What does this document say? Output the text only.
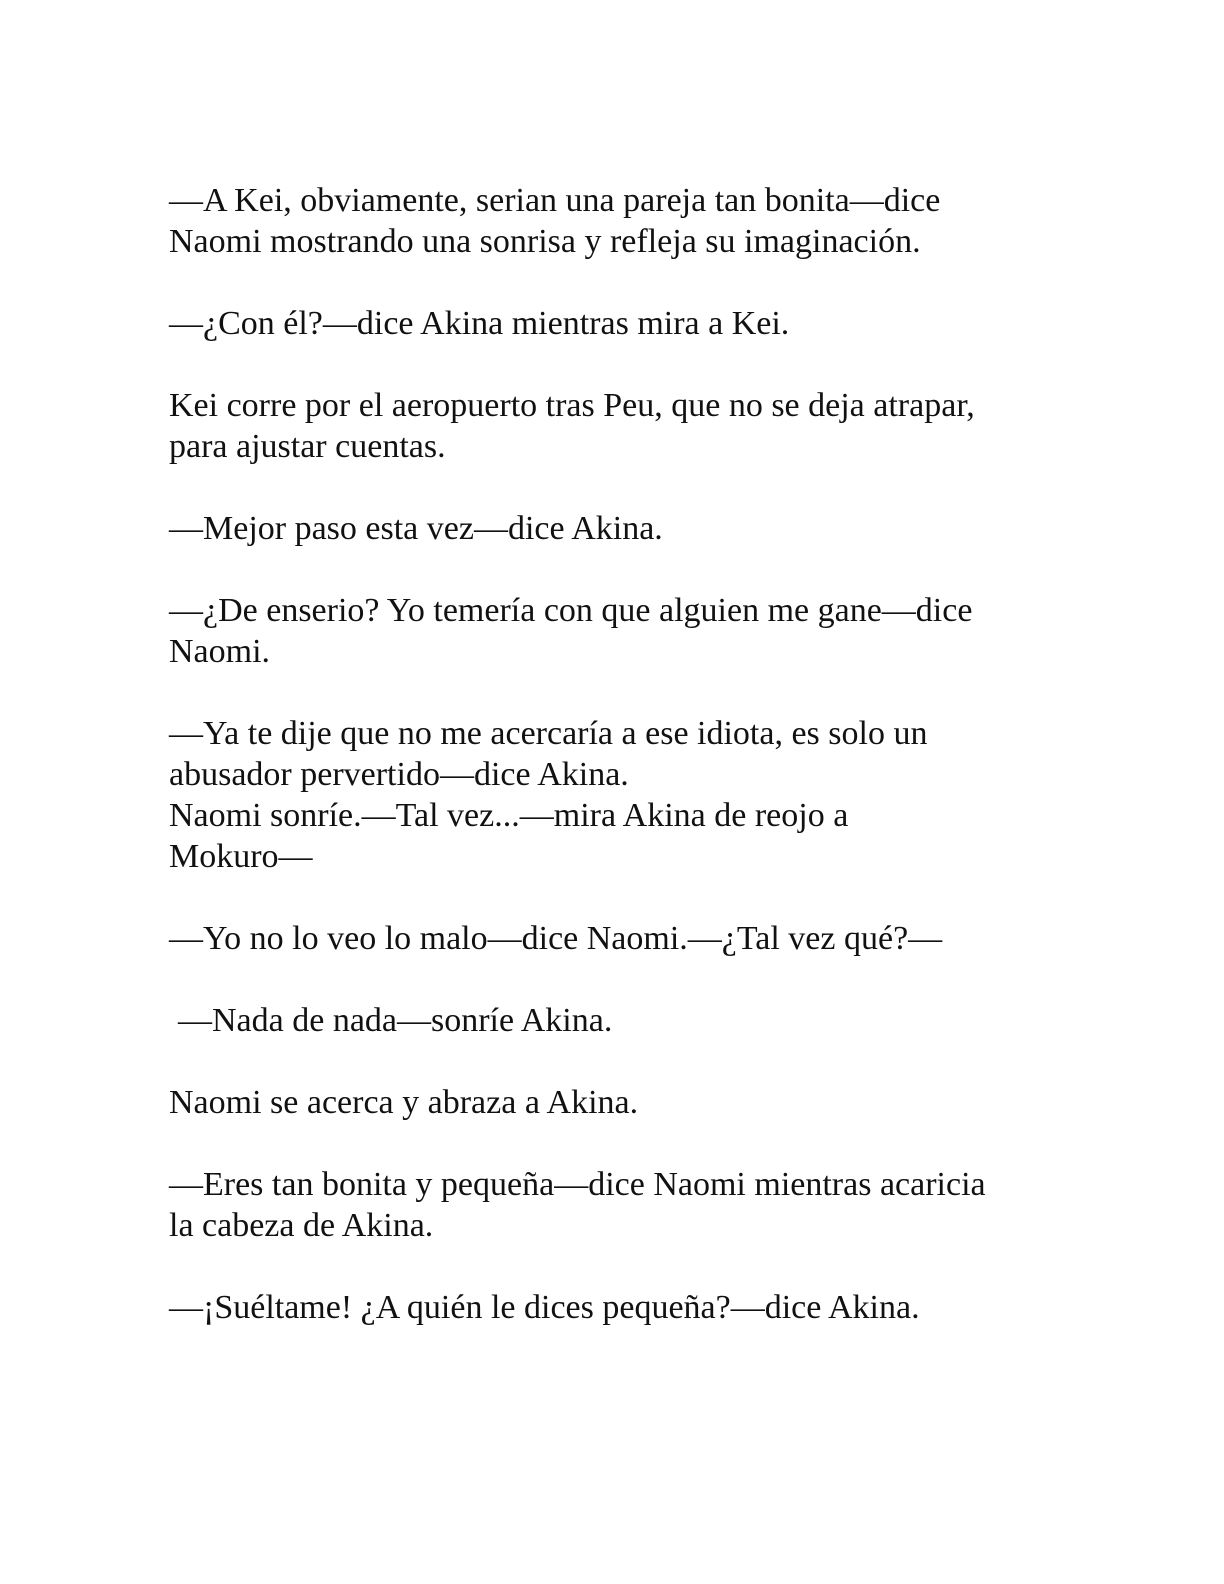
—A Kei, obviamente, serian una pareja tan bonita—dice
Naomi mostrando una sonrisa y refleja su imaginación.
—¿Con él?—dice Akina mientras mira a Kei.
Kei corre por el aeropuerto tras Peu, que no se deja atrapar,
para ajustar cuentas.
—Mejor paso esta vez—dice Akina.
—¿De enserio? Yo temería con que alguien me gane—dice
Naomi.
—Ya te dije que no me acercaría a ese idiota, es solo un
abusador pervertido—dice Akina.
Naomi sonríe.—Tal vez...—mira Akina de reojo a
Mokuro—
—Yo no lo veo lo malo—dice Naomi.—¿Tal vez qué?—
—Nada de nada—sonríe Akina.
Naomi se acerca y abraza a Akina.
—Eres tan bonita y pequeña—dice Naomi mientras acaricia
la cabeza de Akina.
—¡Suéltame! ¿A quién le dices pequeña?—dice Akina.
